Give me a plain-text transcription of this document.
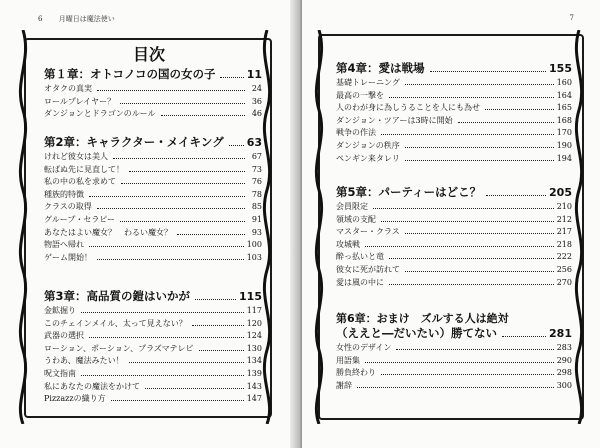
6 月曜日は魔法使い
目次
第１章：オトコノコの国の女の子	11
オタクの真実	24
ロールプレイヤー？	36
ダンジョンとドラゴンのルール	46
第2章：キャラクター・メイキング 63
けれど彼女は美人	67
転ばぬ先に見直して！	73
私の中の私を求めて	76
種族的特徴	78
クラスの取得	85
グループ・セラピー	91
あなたはよい魔女？　わるい魔女？	93
物語へ帰れ	100
ゲーム開始！	103
第3章：高品質の鎧はいかが	115
金鉱掘り	117
このチェインメイル、太って見えない？	120
武器の選択	124
ローション、ポーション、プラズマテレビ	130
うわあ、魔法みたい！	134
呪文指南	139
私にあなたの魔法をかけて	143
Pizzazzの織り方	147
7
第4章：愛は戦場	155
基礎トレーニング	160
最高の一撃を	164
人のわが身に為しうることを人にも為せ	165
ダンジョン・ツアーは3時に開始	168
戦争の作法	170
ダンジョンの秩序	190
ペンギン来タレリ	194
第5章：パーティーはどこ？	205
会員限定	210
領域の支配	212
マスター・クラス	217
攻城戦	218
酔っ払いと竜	222
彼女に死が訪れて	256
愛は風の中に	270
第6章：おまけ　ズルする人は絶対
（ええと―だいたい）勝てない	281
女性のデザイン	283
用語集	290
勝負終わり	298
謝辞	300
